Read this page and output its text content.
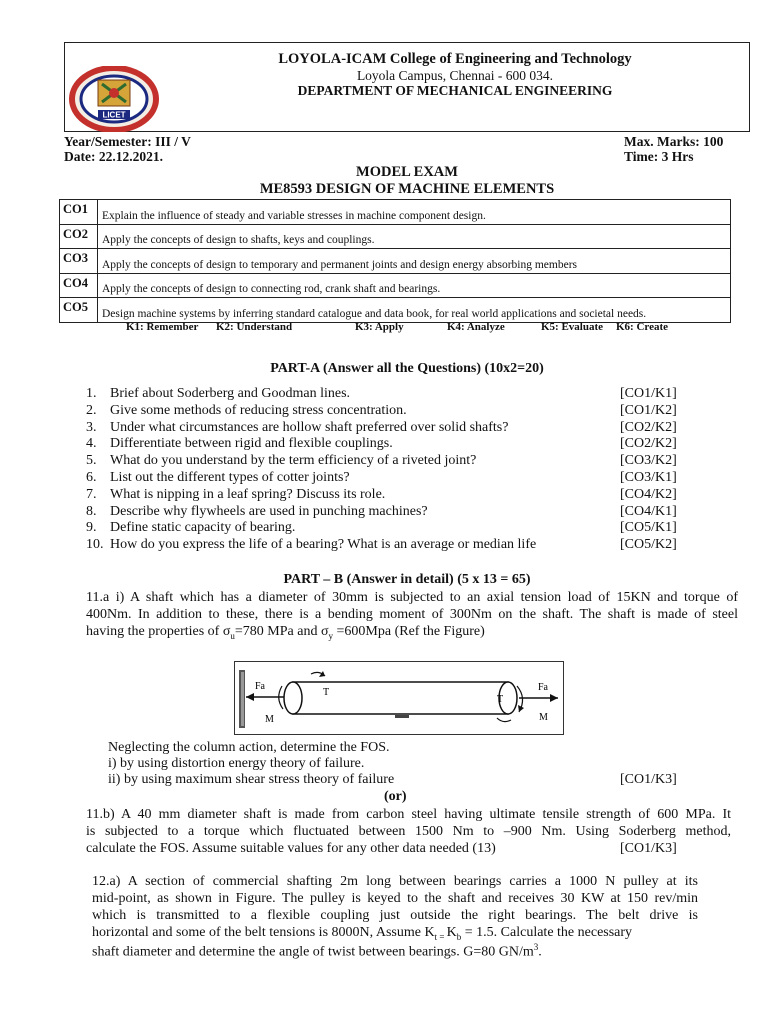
LICET
LOYOLA-ICAM College of Engineering and Technology
Loyola Campus, Chennai - 600 034.
DEPARTMENT OF MECHANICAL ENGINEERING
Year/Semester: III / V
Date: 22.12.2021.
Max. Marks: 100
Time: 3 Hrs
MODEL EXAM
ME8593 DESIGN OF MACHINE ELEMENTS
CO1	Explain the influence of steady and variable stresses in machine component design.
CO2	Apply the concepts of design to shafts, keys and couplings.
CO3	Apply the concepts of design to temporary and permanent joints and design energy absorbing members
CO4	Apply the concepts of design to connecting rod, crank shaft and bearings.
CO5	Design machine systems by inferring standard catalogue and data book, for real world applications and societal needs.
K1: Remember K2: Understand	K3: Apply	K4: Analyze	K5: Evaluate K6: Create
PART-A (Answer all the Questions) (10x2=20)
1. Brief about Soderberg and Goodman lines.	[CO1/K1]
2. Give some methods of reducing stress concentration.	[CO1/K2]
3. Under what circumstances are hollow shaft preferred over solid shafts?	[CO2/K2]
4. Differentiate between rigid and flexible couplings.	[CO2/K2]
5. What do you understand by the term efficiency of a riveted joint?	[CO3/K2]
6. List out the different types of cotter joints?	[CO3/K1]
7. What is nipping in a leaf spring? Discuss its role.	[CO4/K2]
8. Describe why flywheels are used in punching machines?	[CO4/K1]
9. Define static capacity of bearing.	[CO5/K1]
10. How do you express the life of a bearing? What is an average or median life	[CO5/K2]
PART – B (Answer in detail) (5 x 13 = 65)
11.a i) A shaft which has a diameter of 30mm is subjected to an axial tension load of 15KN and torque of
400Nm. In addition to these, there is a bending moment of 300Nm on the shaft. The shaft is made of steel
having the properties of $\sigma_u=780$ MPa and $\sigma_y =600Mpa$ (Ref the Figure)
Fa
M
T
T
Fa
M
Neglecting the column action, determine the FOS.
i) by using distortion energy theory of failure.
ii) by using maximum shear stress theory of failure	[CO1/K3]
(or)
11.b) A 40 mm diameter shaft is made from carbon steel having ultimate tensile strength of 600 MPa. It
is subjected to a torque which fluctuated between 1500 Nm to –900 Nm. Using Soderberg method,
calculate the FOS. Assume suitable values for any other data needed (13)	[CO1/K3]
12.a) A section of commercial shafting 2m long between bearings carries a 1000 N pulley at its
mid-point, as shown in Figure. The pulley is keyed to the shaft and receives 30 KW at 150 rev/min
which is transmitted to a flexible coupling just outside the right bearings. The belt drive is
horizontal and some of the belt tensions is 8000N, Assume $K_{t =}$ $K_b = 1.5$. Calculate the necessary
shaft diameter and determine the angle of twist between bearings. G=80 $GN/m^3$.
